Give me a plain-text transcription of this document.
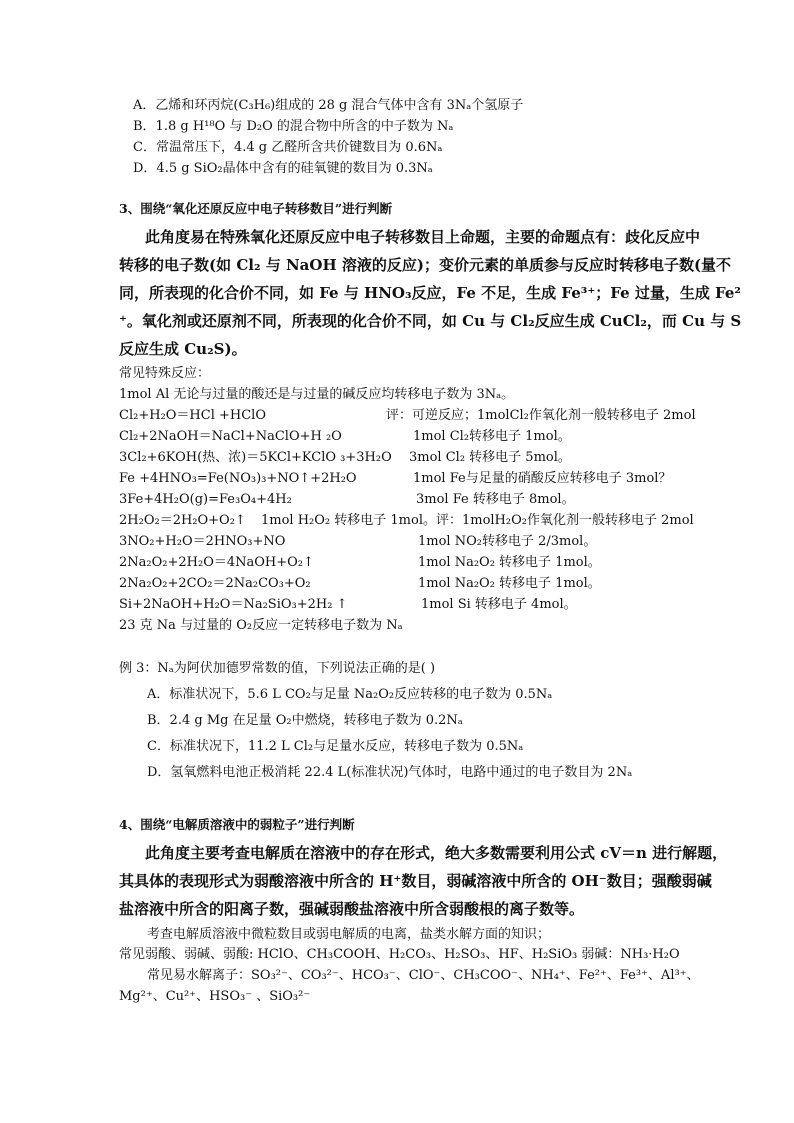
A．乙烯和环丙烷(C₃H₆)组成的 28 g 混合气体中含有 3Nₐ个氢原子
B．1.8 g H¹⁸O 与 D₂O 的混合物中所含的中子数为 Nₐ
C．常温常压下，4.4 g 乙醛所含共价键数目为 0.6Nₐ
D．4.5 g SiO₂晶体中含有的硅氧键的数目为 0.3Nₐ
3、围绕“氧化还原反应中电子转移数目”进行判断
此角度易在特殊氧化还原反应中电子转移数目上命题，主要的命题点有：歧化反应中
转移的电子数(如 Cl₂ 与 NaOH 溶液的反应)；变价元素的单质参与反应时转移电子数(量不
同，所表现的化合价不同，如 Fe 与 HNO₃反应，Fe 不足，生成 Fe³⁺；Fe 过量，生成 Fe²
⁺。氧化剂或还原剂不同，所表现的化合价不同，如 Cu 与 Cl₂反应生成 CuCl₂，而 Cu 与 S
反应生成 Cu₂S)。
常见特殊反应：
1mol Al 无论与过量的酸还是与过量的碱反应均转移电子数为 3Nₐ。
Cl₂+H₂O＝HCl +HClO	评：可逆反应；1molCl₂作氧化剂一般转移电子 2mol
Cl₂+2NaOH＝NaCl+NaClO+H ₂O	1mol Cl₂转移电子 1mol。
3Cl₂+6KOH(热、浓)＝5KCl+KClO ₃+3H₂O 3mol Cl₂ 转移电子 5mol。
Fe +4HNO₃=Fe(NO₃)₃+NO↑+2H₂O	1mol Fe与足量的硝酸反应转移电子 3mol？
3Fe+4H₂O(g)=Fe₃O₄+4H₂	3mol Fe 转移电子 8mol。
2H₂O₂＝2H₂O+O₂↑ 1mol H₂O₂ 转移电子 1mol。评：1molH₂O₂作氧化剂一般转移电子 2mol
3NO₂+H₂O＝2HNO₃+NO	1mol NO₂转移电子 2/3mol。
2Na₂O₂+2H₂O＝4NaOH+O₂↑	1mol Na₂O₂ 转移电子 1mol。
2Na₂O₂+2CO₂＝2Na₂CO₃+O₂	1mol Na₂O₂ 转移电子 1mol。
Si+2NaOH+H₂O＝Na₂SiO₃+2H₂ ↑	1mol Si 转移电子 4mol。
23 克 Na 与过量的 O₂反应一定转移电子数为 Nₐ
例 3：Nₐ为阿伏加德罗常数的值，下列说法正确的是( )
A．标准状况下，5.6 L CO₂与足量 Na₂O₂反应转移的电子数为 0.5Nₐ
B．2.4 g Mg 在足量 O₂中燃烧，转移电子数为 0.2Nₐ
C．标准状况下，11.2 L Cl₂与足量水反应，转移电子数为 0.5Nₐ
D．氢氧燃料电池正极消耗 22.4 L(标准状况)气体时，电路中通过的电子数目为 2Nₐ
4、围绕“电解质溶液中的弱粒子”进行判断
此角度主要考查电解质在溶液中的存在形式，绝大多数需要利用公式 cV＝n 进行解题，
其具体的表现形式为弱酸溶液中所含的 H⁺数目，弱碱溶液中所含的 OH⁻数目；强酸弱碱
盐溶液中所含的阳离子数，强碱弱酸盐溶液中所含弱酸根的离子数等。
考查电解质溶液中微粒数目或弱电解质的电离，盐类水解方面的知识；
常见弱酸、弱碱、弱酸: HClO、CH₃COOH、H₂CO₃、H₂SO₃、HF、H₂SiO₃ 弱碱：NH₃·H₂O
常见易水解离子：SO₃²⁻、CO₃²⁻、HCO₃⁻、ClO⁻、CH₃COO⁻、NH₄⁺、Fe²⁺、Fe³⁺、Al³⁺、
Mg²⁺、Cu²⁺、HSO₃⁻ 、SiO₃²⁻
